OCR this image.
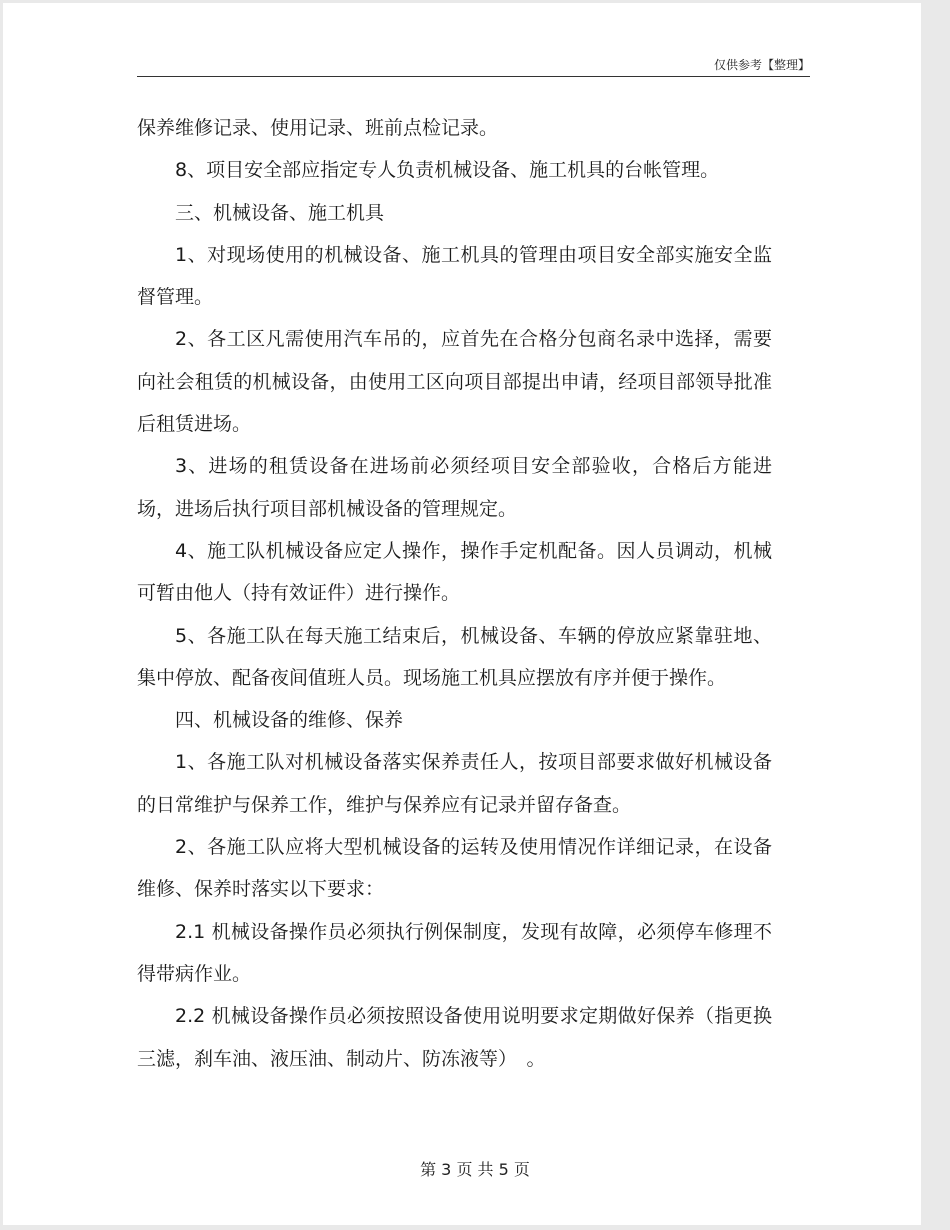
仅供参考【整理】

保养维修记录、使用记录、班前点检记录。

8、项目安全部应指定专人负责机械设备、施工机具的台帐管理。

三、机械设备、施工机具

1、对现场使用的机械设备、施工机具的管理由项目安全部实施安全监督管理。

2、各工区凡需使用汽车吊的，应首先在合格分包商名录中选择，需要向社会租赁的机械设备，由使用工区向项目部提出申请，经项目部领导批准后租赁进场。

3、进场的租赁设备在进场前必须经项目安全部验收，合格后方能进场，进场后执行项目部机械设备的管理规定。

4、施工队机械设备应定人操作，操作手定机配备。因人员调动，机械可暂由他人（持有效证件）进行操作。

5、各施工队在每天施工结束后，机械设备、车辆的停放应紧靠驻地、集中停放、配备夜间值班人员。现场施工机具应摆放有序并便于操作。

四、机械设备的维修、保养

1、各施工队对机械设备落实保养责任人，按项目部要求做好机械设备的日常维护与保养工作，维护与保养应有记录并留存备查。

2、各施工队应将大型机械设备的运转及使用情况作详细记录，在设备维修、保养时落实以下要求：

2.1 机械设备操作员必须执行例保制度，发现有故障，必须停车修理不得带病作业。

2.2 机械设备操作员必须按照设备使用说明要求定期做好保养（指更换三滤，刹车油、液压油、制动片、防冻液等）　。

第 3 页 共 5 页
